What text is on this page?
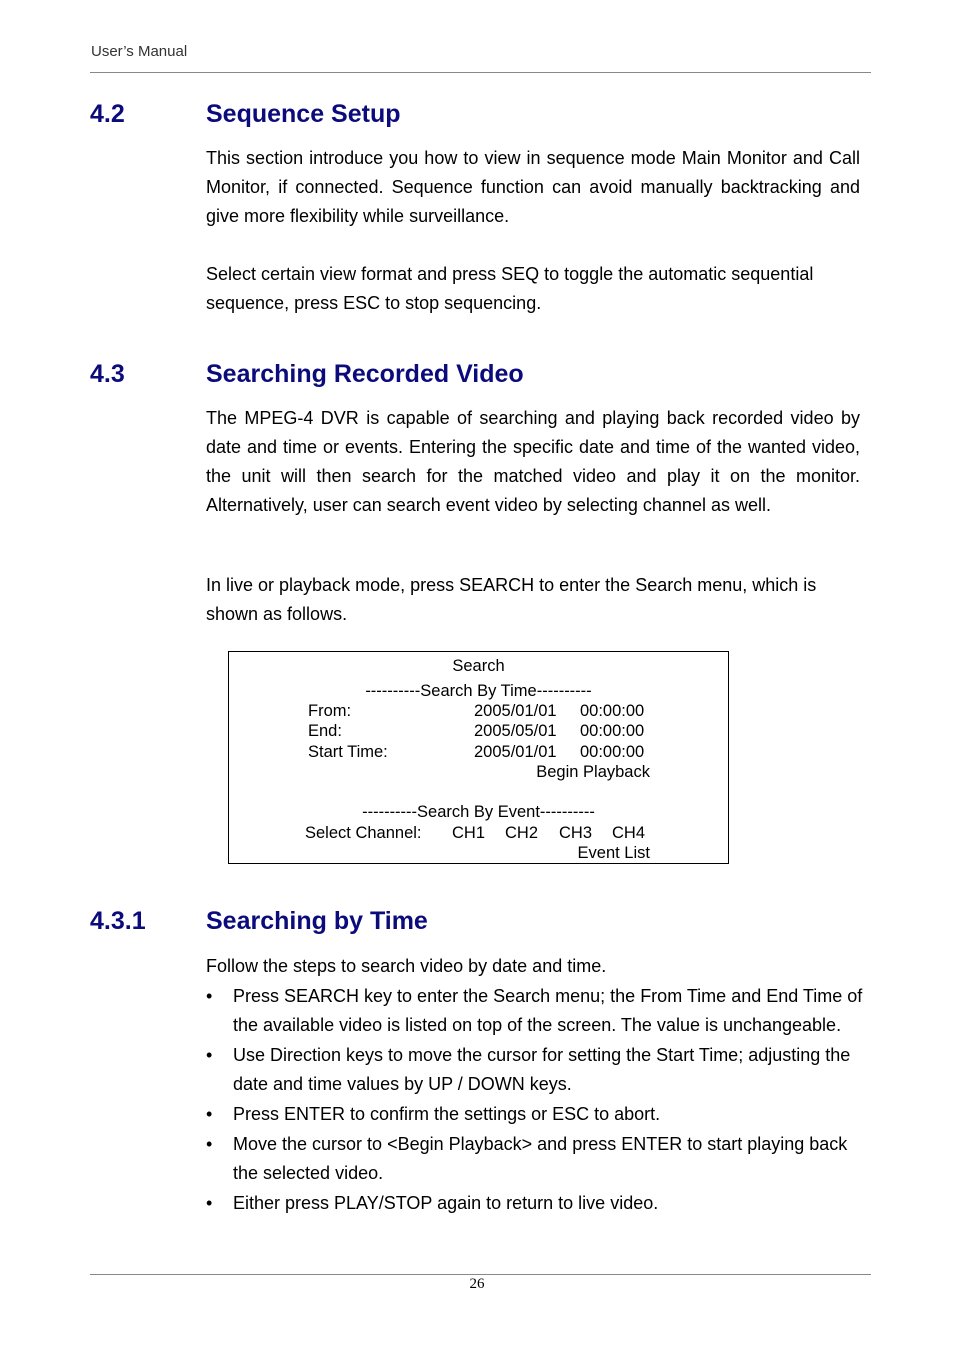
User’s Manual
4.2	Sequence Setup

This section introduce you how to view in sequence mode Main Monitor and Call Monitor, if connected. Sequence function can avoid manually backtracking and give more flexibility while surveillance.

Select certain view format and press SEQ to toggle the automatic sequential sequence, press ESC to stop sequencing.

4.3	Searching Recorded Video

The MPEG-4 DVR is capable of searching and playing back recorded video by date and time or events. Entering the specific date and time of the wanted video, the unit will then search for the matched video and play it on the monitor. Alternatively, user can search event video by selecting channel as well.

In live or playback mode, press SEARCH to enter the Search menu, which is shown as follows.

Search
----------Search By Time----------
From:	2005/01/01 00:00:00
End:	2005/05/01 00:00:00
Start Time:	2005/01/01 00:00:00
Begin Playback
----------Search By Event----------
Select Channel: CH1 CH2 CH3 CH4
Event List
4.3.1 Searching by Time

Follow the steps to search video by date and time.

• Press SEARCH key to enter the Search menu; the From Time and End Time of the available video is listed on top of the screen. The value is unchangeable.
• Use Direction keys to move the cursor for setting the Start Time; adjusting the date and time values by UP / DOWN keys.
• Press ENTER to confirm the settings or ESC to abort.
• Move the cursor to <Begin Playback> and press ENTER to start playing back the selected video.
• Either press PLAY/STOP again to return to live video.
26
